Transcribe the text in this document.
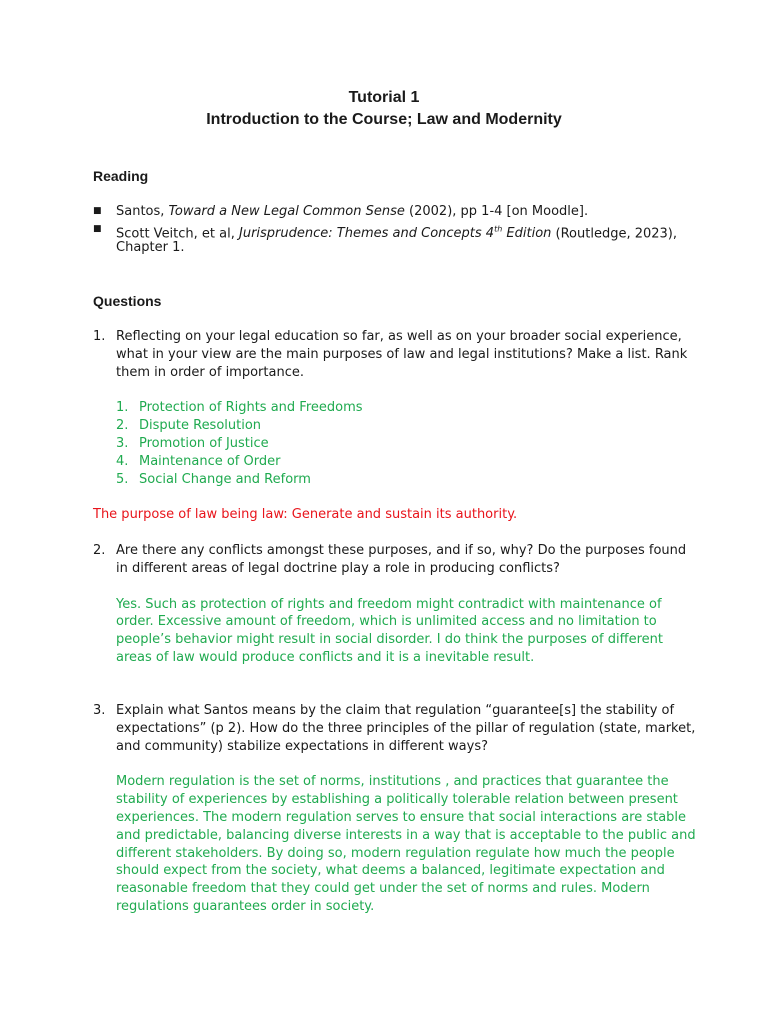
Tutorial 1
Introduction to the Course; Law and Modernity
Reading
■ Santos, Toward a New Legal Common Sense (2002), pp 1-4 [on Moodle].
■ Scott Veitch, et al, Jurisprudence: Themes and Concepts 4th Edition (Routledge, 2023),
Chapter 1.
Questions
1. Reflecting on your legal education so far, as well as on your broader social experience,
what in your view are the main purposes of law and legal institutions? Make a list. Rank
them in order of importance.
1. Protection of Rights and Freedoms
2. Dispute Resolution
3. Promotion of Justice
4. Maintenance of Order
5. Social Change and Reform
The purpose of law being law: Generate and sustain its authority.
2. Are there any conflicts amongst these purposes, and if so, why? Do the purposes found
in different areas of legal doctrine play a role in producing conflicts?
Yes. Such as protection of rights and freedom might contradict with maintenance of
order. Excessive amount of freedom, which is unlimited access and no limitation to
people’s behavior might result in social disorder. I do think the purposes of different
areas of law would produce conflicts and it is a inevitable result.
3. Explain what Santos means by the claim that regulation “guarantee[s] the stability of
expectations” (p 2). How do the three principles of the pillar of regulation (state, market,
and community) stabilize expectations in different ways?
Modern regulation is the set of norms, institutions , and practices that guarantee the
stability of experiences by establishing a politically tolerable relation between present
experiences. The modern regulation serves to ensure that social interactions are stable
and predictable, balancing diverse interests in a way that is acceptable to the public and
different stakeholders. By doing so, modern regulation regulate how much the people
should expect from the society, what deems a balanced, legitimate expectation and
reasonable freedom that they could get under the set of norms and rules. Modern
regulations guarantees order in society.
